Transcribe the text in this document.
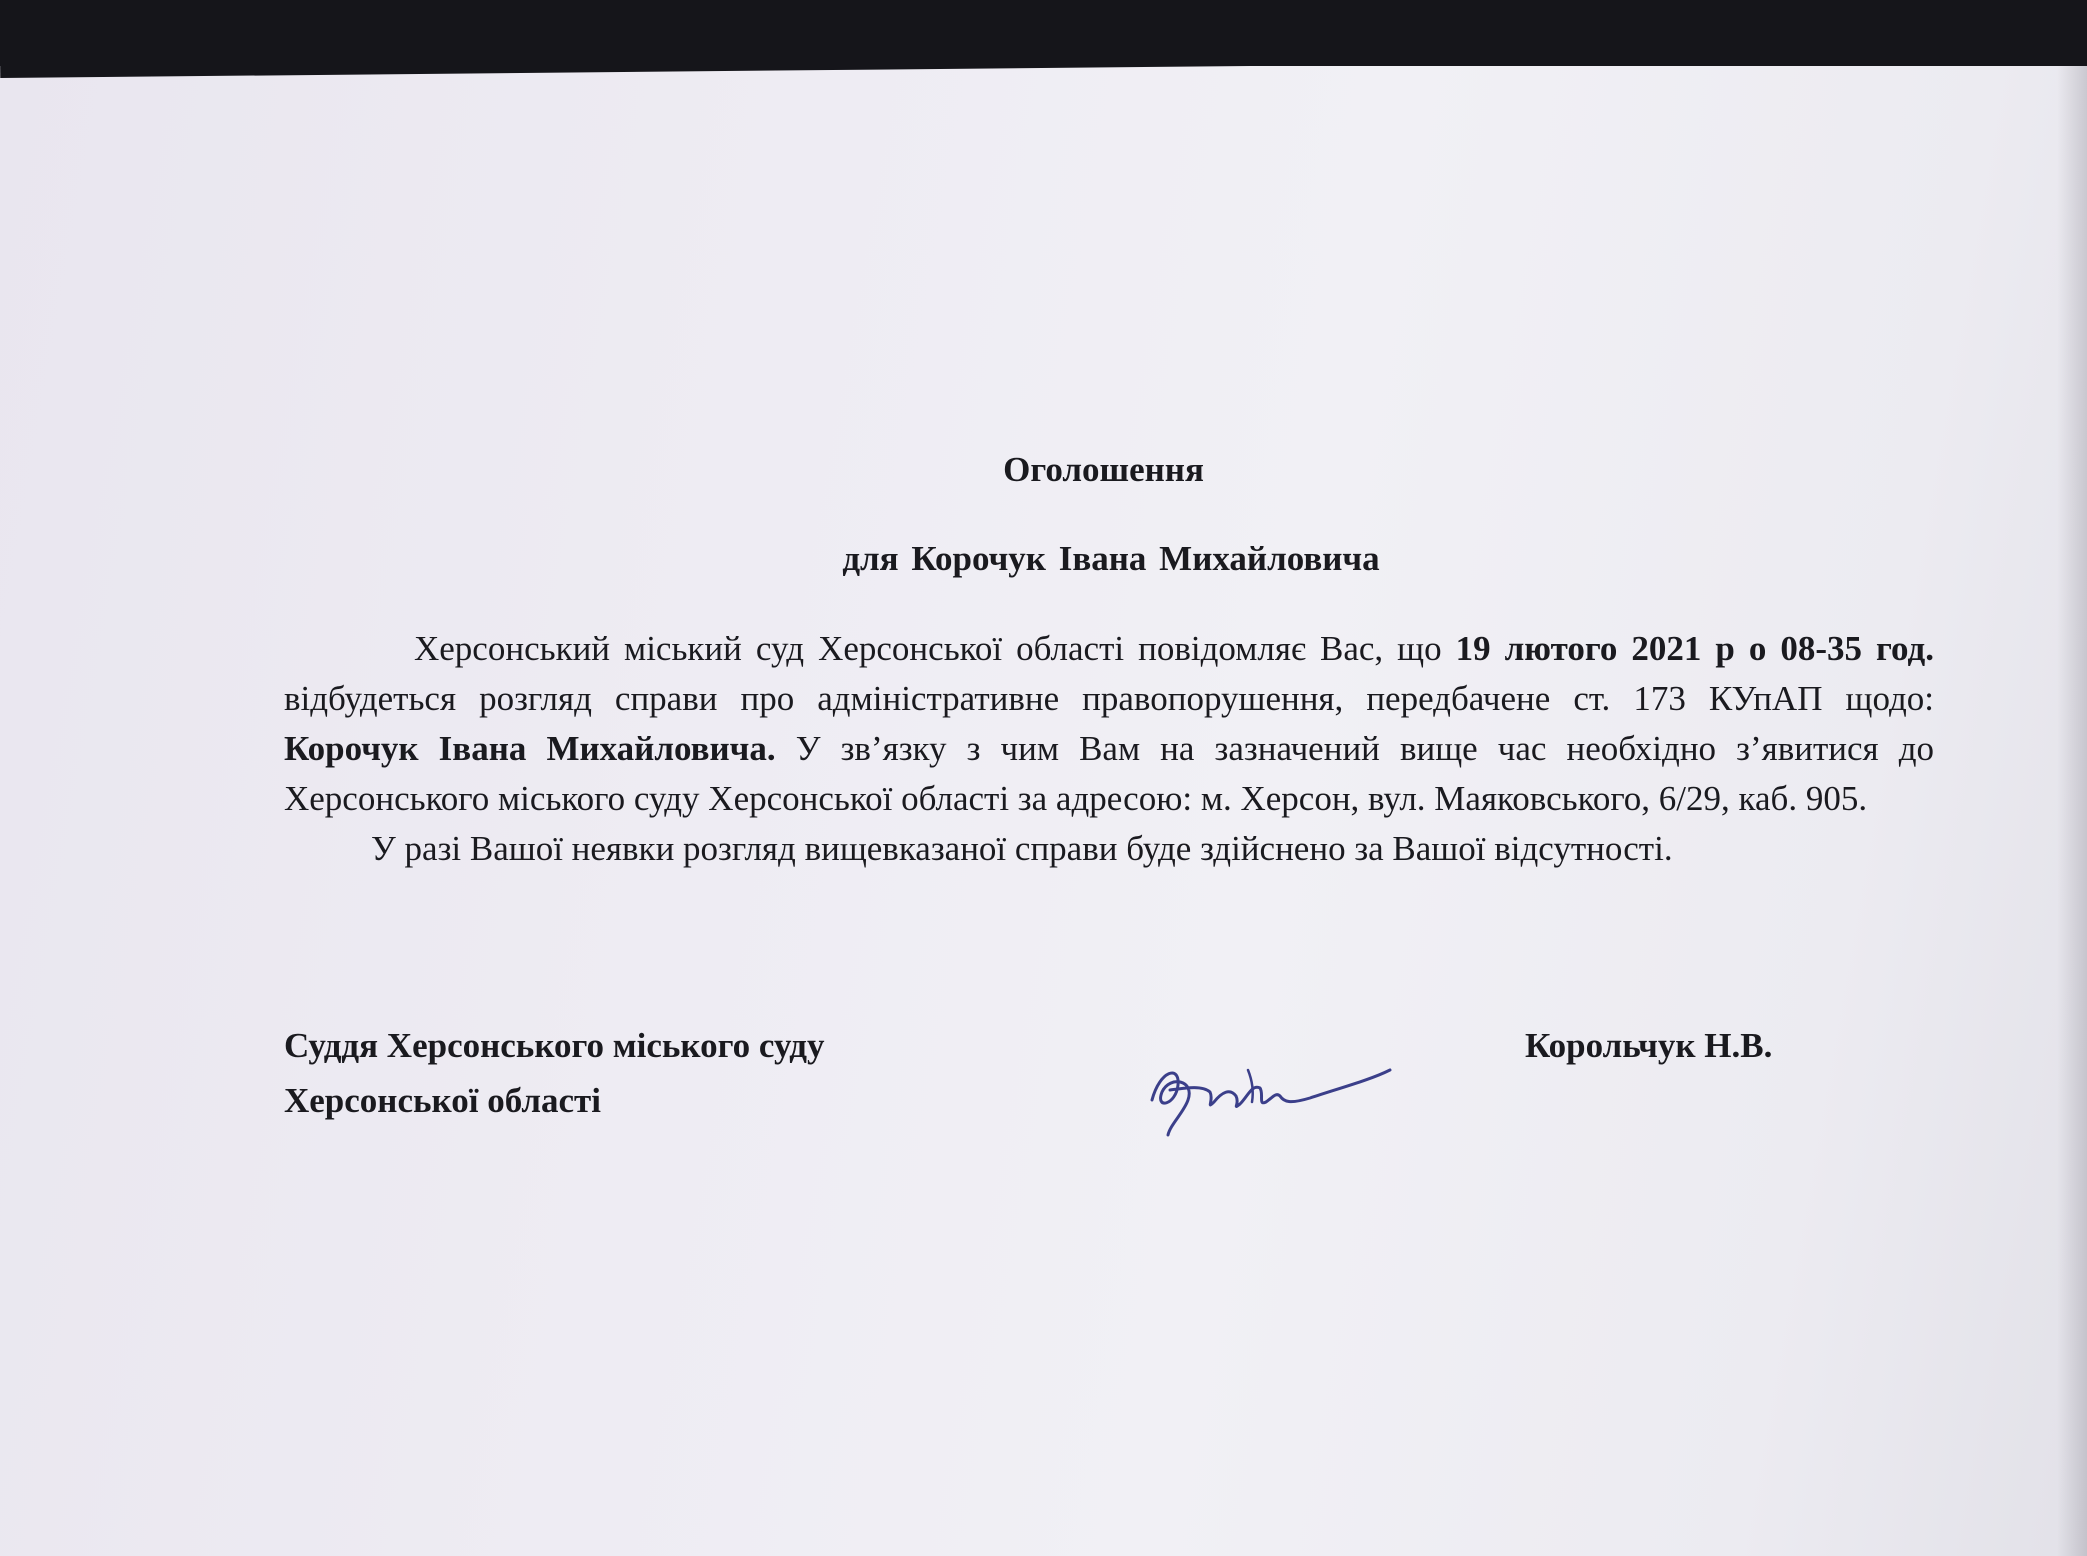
Оголошення
для Корочук Івана Михайловича

Херсонський міський суд Херсонської області повідомляє Вас, що 19 лютого 2021 р о 08-35 год. відбудеться розгляд справи про адміністративне правопорушення, передбачене ст. 173 КУпАП щодо: Корочук Івана Михайловича. У зв’язку з чим Вам на зазначений вище час необхідно з’явитися до Херсонського міського суду Херсонської області за адресою: м. Херсон, вул. Маяковського, 6/29, каб. 905.

У разі Вашої неявки розгляд вищевказаної справи буде здійснено за Вашої відсутності.

Суддя Херсонського міського суду
Херсонської області
Корольчук Н.В.
